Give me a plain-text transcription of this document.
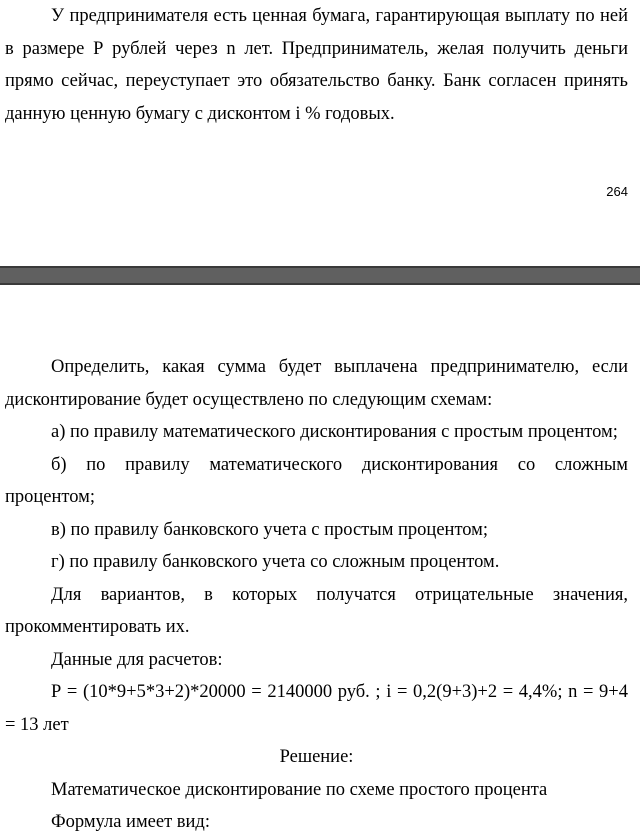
У предпринимателя есть ценная бумага, гарантирующая выплату по ней в размере Р рублей через n лет. Предприниматель, желая получить деньги прямо сейчас, переуступает это обязательство банку. Банк согласен принять данную ценную бумагу с дисконтом i % годовых.

264

Определить, какая сумма будет выплачена предпринимателю, если дисконтирование будет осуществлено по следующим схемам:

а) по правилу математического дисконтирования с простым процентом;

б) по правилу математического дисконтирования со сложным процентом;

в) по правилу банковского учета с простым процентом;

г) по правилу банковского учета со сложным процентом.

Для вариантов, в которых получатся отрицательные значения, прокомментировать их.

Данные для расчетов:

Р = (10*9+5*3+2)*20000 = 2140000 руб. ; i = 0,2(9+3)+2 = 4,4%; n = 9+4 = 13 лет

Решение:

Математическое дисконтирование по схеме простого процента

Формула имеет вид:
